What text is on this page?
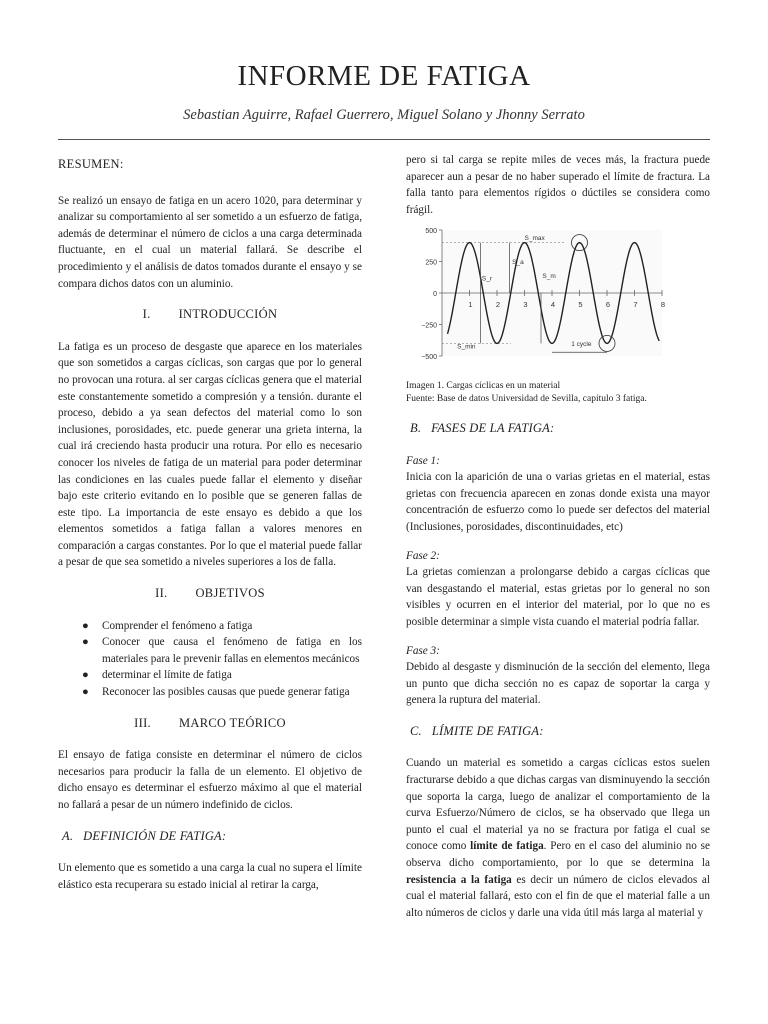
INFORME DE FATIGA
Sebastian Aguirre, Rafael Guerrero, Miguel Solano y Jhonny Serrato
RESUMEN:

Se realizó un ensayo de fatiga en un acero 1020, para determinar y analizar su comportamiento al ser sometido a un esfuerzo de fatiga, además de determinar el número de ciclos a una carga determinada fluctuante, en el cual un material fallará. Se describe el procedimiento y el análisis de datos tomados durante el ensayo y se compara dichos datos con un aluminio.

I. INTRODUCCIÓN

La fatiga es un proceso de desgaste que aparece en los materiales que son sometidos a cargas cíclicas, son cargas que por lo general no provocan una rotura. al ser cargas cíclicas genera que el material este constantemente sometido a compresión y a tensión. durante el proceso, debido a ya sean defectos del material como lo son inclusiones, porosidades, etc. puede generar una grieta interna, la cual irá creciendo hasta producir una rotura. Por ello es necesario conocer los niveles de fatiga de un material para poder determinar las condiciones en las cuales puede fallar el elemento y diseñar bajo este criterio evitando en lo posible que se generen fallas de este tipo. La importancia de este ensayo es debido a que los elementos sometidos a fatiga fallan a valores menores en comparación a cargas constantes. Por lo que el material puede fallar a pesar de que sea sometido a niveles superiores a los de falla.

II. OBJETIVOS
● Comprender el fenómeno a fatiga
● Conocer que causa el fenómeno de fatiga en los materiales para le prevenir fallas en elementos mecánicos
● determinar el límite de fatiga
● Reconocer las posibles causas que puede generar fatiga
III. MARCO TEÓRICO

El ensayo de fatiga consiste en determinar el número de ciclos necesarios para producir la falla de un elemento. El objetivo de dicho ensayo es determinar el esfuerzo máximo al que el material no fallará a pesar de un número indefinido de ciclos.

A. DEFINICIÓN DE FATIGA:

Un elemento que es sometido a una carga la cual no supera el límite elástico esta recuperara su estado inicial al retirar la carga,

pero si tal carga se repite miles de veces más, la fractura puede aparecer aun a pesar de no haber superado el límite de fractura. La falla tanto para elementos rígidos o dúctiles se considera como frágil.

500
250
0
−250
−500
1	2	3	4	5	6	7	8
S_max
S_min
S_a
S_r	S_m
1 cycle
Imagen 1. Cargas cíclicas en un material
Fuente: Base de datos Universidad de Sevilla, capítulo 3 fatiga.
B. FASES DE LA FATIGA:
Fase 1:

Inicia con la aparición de una o varias grietas en el material, estas grietas con frecuencia aparecen en zonas donde exista una mayor concentración de esfuerzo como lo puede ser defectos del material (Inclusiones, porosidades, discontinuidades, etc)

Fase 2:

La grietas comienzan a prolongarse debido a cargas cíclicas que van desgastando el material, estas grietas por lo general no son visibles y ocurren en el interior del material, por lo que no es posible determinar a simple vista cuando el material podría fallar.

Fase 3:

Debido al desgaste y disminución de la sección del elemento, llega un punto que dicha sección no es capaz de soportar la carga y genera la ruptura del material.

C. LÍMITE DE FATIGA:

Cuando un material es sometido a cargas cíclicas estos suelen fracturarse debido a que dichas cargas van disminuyendo la sección que soporta la carga, luego de analizar el comportamiento de la curva Esfuerzo/Número de ciclos, se ha observado que llega un punto el cual el material ya no se fractura por fatiga el cual se conoce como límite de fatiga. Pero en el caso del aluminio no se observa dicho comportamiento, por lo que se determina la resistencia a la fatiga es decir un número de ciclos elevados al cual el material fallará, esto con el fin de que el material falle a un alto números de ciclos y darle una vida útil más larga al material y
